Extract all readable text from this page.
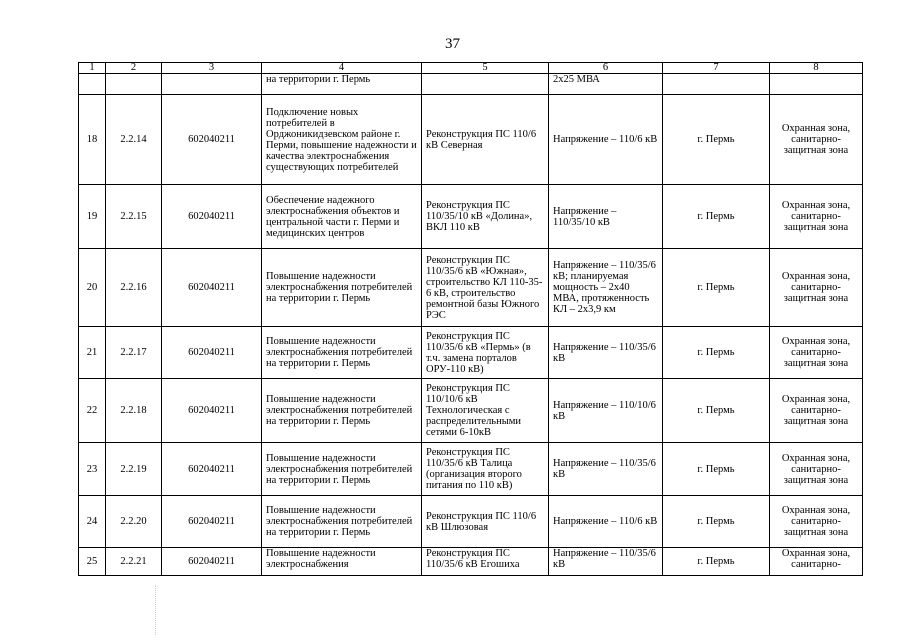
37
1	2	3	4	5	6	7	8
			на территории г. Пермь		2х25 МВА		
18	2.2.14	602040211	Подключение новых потребителей в Орджоникидзевском районе г. Перми, повышение надежности и качества электроснабжения существующих потребителей	Реконструкция ПС 110/6 кВ Северная	Напряжение – 110/6 кВ	г. Пермь	Охранная зона, санитарно-защитная зона
19	2.2.15	602040211	Обеспечение надежного электроснабжения объектов и центральной части г. Перми и медицинских центров	Реконструкция ПС 110/35/10 кВ «Долина», ВКЛ 110 кВ	Напряжение – 110/35/10 кВ	г. Пермь	Охранная зона, санитарно-защитная зона
20	2.2.16	602040211	Повышение надежности электроснабжения потребителей на территории г. Пермь	Реконструкция ПС 110/35/6 кВ «Южная», строительство КЛ 110-35-6 кВ, строительство ремонтной базы Южного РЭС	Напряжение – 110/35/6 кВ; планируемая мощность – 2х40 МВА, протяженность КЛ – 2х3,9 км	г. Пермь	Охранная зона, санитарно-защитная зона
21	2.2.17	602040211	Повышение надежности электроснабжения потребителей на территории г. Пермь	Реконструкция ПС 110/35/6 кВ «Пермь» (в т.ч. замена порталов ОРУ-110 кВ)	Напряжение – 110/35/6 кВ	г. Пермь	Охранная зона, санитарно-защитная зона
22	2.2.18	602040211	Повышение надежности электроснабжения потребителей на территории г. Пермь	Реконструкция ПС 110/10/6 кВ Технологическая с распределительными сетями 6-10кВ	Напряжение – 110/10/6 кВ	г. Пермь	Охранная зона, санитарно-защитная зона
23	2.2.19	602040211	Повышение надежности электроснабжения потребителей на территории г. Пермь	Реконструкция ПС 110/35/6 кВ Талица (организация второго питания по 110 кВ)	Напряжение – 110/35/6 кВ	г. Пермь	Охранная зона, санитарно-защитная зона
24	2.2.20	602040211	Повышение надежности электроснабжения потребителей на территории г. Пермь	Реконструкция ПС 110/6 кВ Шлюзовая	Напряжение – 110/6 кВ	г. Пермь	Охранная зона, санитарно-защитная зона
25	2.2.21	602040211	Повышение надежности электроснабжения	Реконструкция ПС 110/35/6 кВ Егошиха	Напряжение – 110/35/6 кВ	г. Пермь	Охранная зона, санитарно-
